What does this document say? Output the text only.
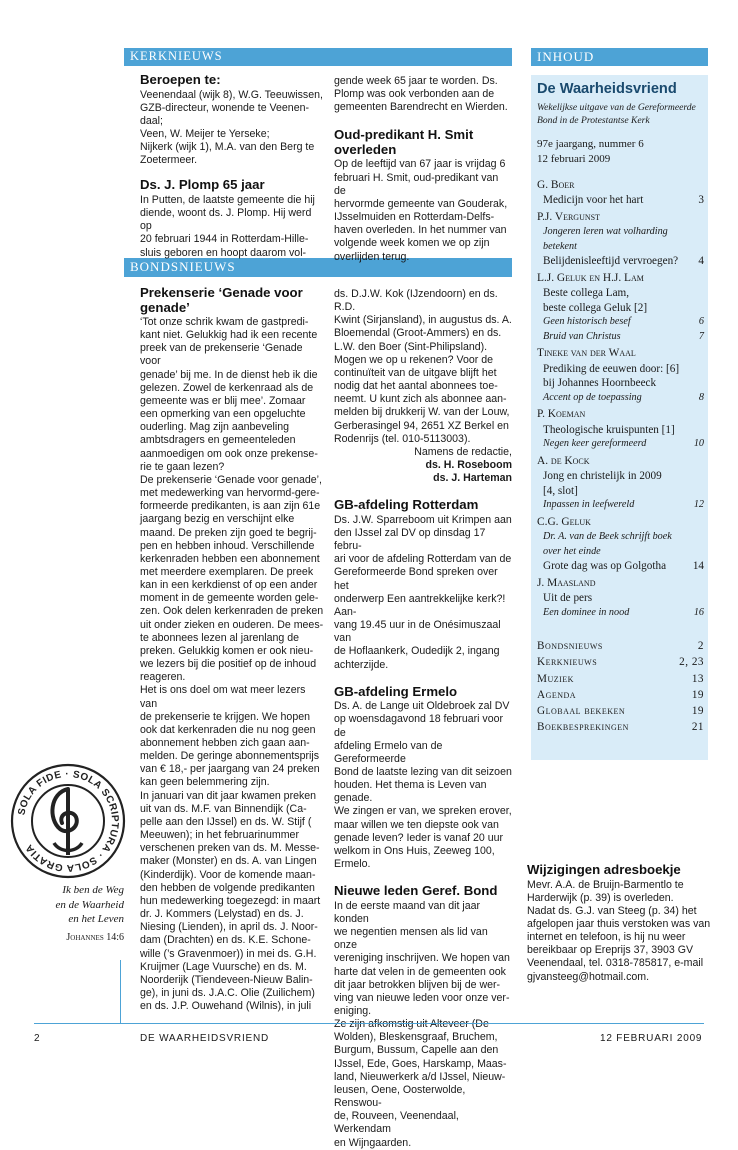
KERKNIEUWS
BONDSNIEUWS
INHOUD
Beroepen te:

Veenendaal (wijk 8), W.G. Teeuwissen,

GZB-directeur, wonende te Veenen-

daal;

Veen, W. Meijer te Yerseke;

Nijkerk (wijk 1), M.A. van den Berg te

Zoetermeer.

Ds. J. Plomp 65 jaar

In Putten, de laatste gemeente die hij

diende, woont ds. J. Plomp. Hij werd op

20 februari 1944 in Rotterdam-Hille-

sluis geboren en hoopt daarom vol-

gende week 65 jaar te worden. Ds.

Plomp was ook verbonden aan de

gemeenten Barendrecht en Wierden.

Oud-predikant H. Smit overleden

Op de leeftijd van 67 jaar is vrijdag 6

februari H. Smit, oud-predikant van de

hervormde gemeente van Gouderak,

IJsselmuiden en Rotterdam-Delfs-

haven overleden. In het nummer van

volgende week komen we op zijn

overlijden terug.

Prekenserie ‘Genade voor genade’

‘Tot onze schrik kwam de gastpredi-

kant niet. Gelukkig had ik een recente

preek van de prekenserie ‘Genade voor

genade’ bij me. In de dienst heb ik die

gelezen. Zowel de kerkenraad als de

gemeente was er blij mee’. Zomaar

een opmerking van een opgeluchte

ouderling. Mag zijn aanbeveling

ambtsdragers en gemeenteleden

aanmoedigen om ook onze prekense-

rie te gaan lezen?

De prekenserie ‘Genade voor genade’,

met medewerking van hervormd-gere-

formeerde predikanten, is aan zijn 61e

jaargang bezig en verschijnt elke

maand. De preken zijn goed te begrij-

pen en hebben inhoud. Verschillende

kerkenraden hebben een abonnement

met meerdere exemplaren. De preek

kan in een kerkdienst of op een ander

moment in de gemeente worden gele-

zen. Ook delen kerkenraden de preken

uit onder zieken en ouderen. De mees-

te abonnees lezen al jarenlang de

preken. Gelukkig komen er ook nieu-

we lezers bij die positief op de inhoud

reageren.

Het is ons doel om wat meer lezers van

de prekenserie te krijgen. We hopen

ook dat kerkenraden die nu nog geen

abonnement hebben zich gaan aan-

melden. De geringe abonnementsprijs

van € 18,- per jaargang van 24 preken

kan geen belemmering zijn.

In januari van dit jaar kwamen preken

uit van ds. M.F. van Binnendijk (Ca-

pelle aan den IJssel) en ds. W. Stijf (

Meeuwen); in het februarinummer

verschenen preken van ds. M. Messe-

maker (Monster) en ds. A. van Lingen

(Kinderdijk). Voor de komende maan-

den hebben de volgende predikanten

hun medewerking toegezegd: in maart

dr. J. Kommers (Lelystad) en ds. J.

Niesing (Lienden), in april ds. J. Noor-

dam (Drachten) en ds. K.E. Schone-

wille (’s Gravenmoer)) in mei ds. G.H.

Kruijmer (Lage Vuursche) en ds. M.

Noorderijk (Tiendeveen-Nieuw Balin-

ge), in juni ds. J.A.C. Olie (Zuilichem)

en ds. J.P. Ouwehand (Wilnis), in juli

ds. D.J.W. Kok (IJzendoorn) en ds. R.D.

Kwint (Sirjansland), in augustus ds. A.

Bloemendal (Groot-Ammers) en ds.

L.W. den Boer (Sint-Philipsland).

Mogen we op u rekenen? Voor de

continuïteit van de uitgave blijft het

nodig dat het aantal abonnees toe-

neemt. U kunt zich als abonnee aan-

melden bij drukkerij W. van der Louw,

Gerberasingel 94, 2651 XZ Berkel en

Rodenrijs (tel. 010-5113003).

Namens de redactie,

ds. H. Roseboom

ds. J. Harteman

GB-afdeling Rotterdam

Ds. J.W. Sparreboom uit Krimpen aan

den IJssel zal DV op dinsdag 17 febru-

ari voor de afdeling Rotterdam van de

Gereformeerde Bond spreken over het

onderwerp Een aantrekkelijke kerk?! Aan-

vang 19.45 uur in de Onésimuszaal van

de Hoflaankerk, Oudedijk 2, ingang

achterzijde.

GB-afdeling Ermelo

Ds. A. de Lange uit Oldebroek zal DV

op woensdagavond 18 februari voor de

afdeling Ermelo van de Gereformeerde

Bond de laatste lezing van dit seizoen

houden. Het thema is Leven van genade.

We zingen er van, we spreken erover,

maar willen we ten diepste ook van

genade leven? Ieder is vanaf 20 uur

welkom in Ons Huis, Zeeweg 100,

Ermelo.

Nieuwe leden Geref. Bond

In de eerste maand van dit jaar konden

we negentien mensen als lid van onze

vereniging inschrijven. We hopen van

harte dat velen in de gemeenten ook

dit jaar betrokken blijven bij de wer-

ving van nieuwe leden voor onze ver-

eniging.

Ze zijn afkomstig uit Alteveer (De

Wolden), Bleskensgraaf, Bruchem,

Burgum, Bussum, Capelle aan den

IJssel, Ede, Goes, Harskamp, Maas-

land, Nieuwerkerk a/d IJssel, Nieuw-

leusen, Oene, Oosterwolde, Renswou-

de, Rouveen, Veenendaal, Werkendam

en Wijngaarden.

De Waarheidsvriend
Wekelijkse uitgave van de Gereformeerde Bond in de Protestantse Kerk
97e jaargang, nummer 6
12 februari 2009
G. Boer
Medicijn voor het hart	3
P.J. Vergunst
Jongeren leren wat volharding betekent
Belijdenisleeftijd vervroegen?	4
L.J. Geluk en H.J. Lam
Beste collega Lam,
beste collega Geluk [2]
Geen historisch besef	6
Bruid van Christus	7
Tineke van der Waal
Prediking de eeuwen door: [6]
bij Johannes Hoornbeeck
Accent op de toepassing	8
P. Koeman
Theologische kruispunten [1]
Negen keer gereformeerd	10
A. de Kock
Jong en christelijk in 2009
[4, slot]
Inpassen in leefwereld	12
C.G. Geluk
Dr. A. van de Beek schrijft boek over het einde
Grote dag was op Golgotha	14
J. Maasland
Uit de pers
Een dominee in nood	16
Bondsnieuws	2
Kerknieuws	2, 23
Muziek	13
Agenda	19
Globaal bekeken	19
Boekbesprekingen	21
Wijzigingen adresboekje

Mevr. A.A. de Bruijn-Barmentlo te

Harderwijk (p. 39) is overleden.

Nadat ds. G.J. van Steeg (p. 34) het

afgelopen jaar thuis verstoken was van

internet en telefoon, is hij nu weer

bereikbaar op Ereprijs 37, 3903 GV

Veenendaal, tel. 0318-785817, e-mail

gjvansteeg@hotmail.com.

SOLA FIDE · SOLA SCRIPTURA · SOLA GRATIA
Ik ben de Weg
en de Waarheid
en het Leven
Johannes 14:6
2	DE WAARHEIDSVRIEND	12 FEBRUARI 2009
